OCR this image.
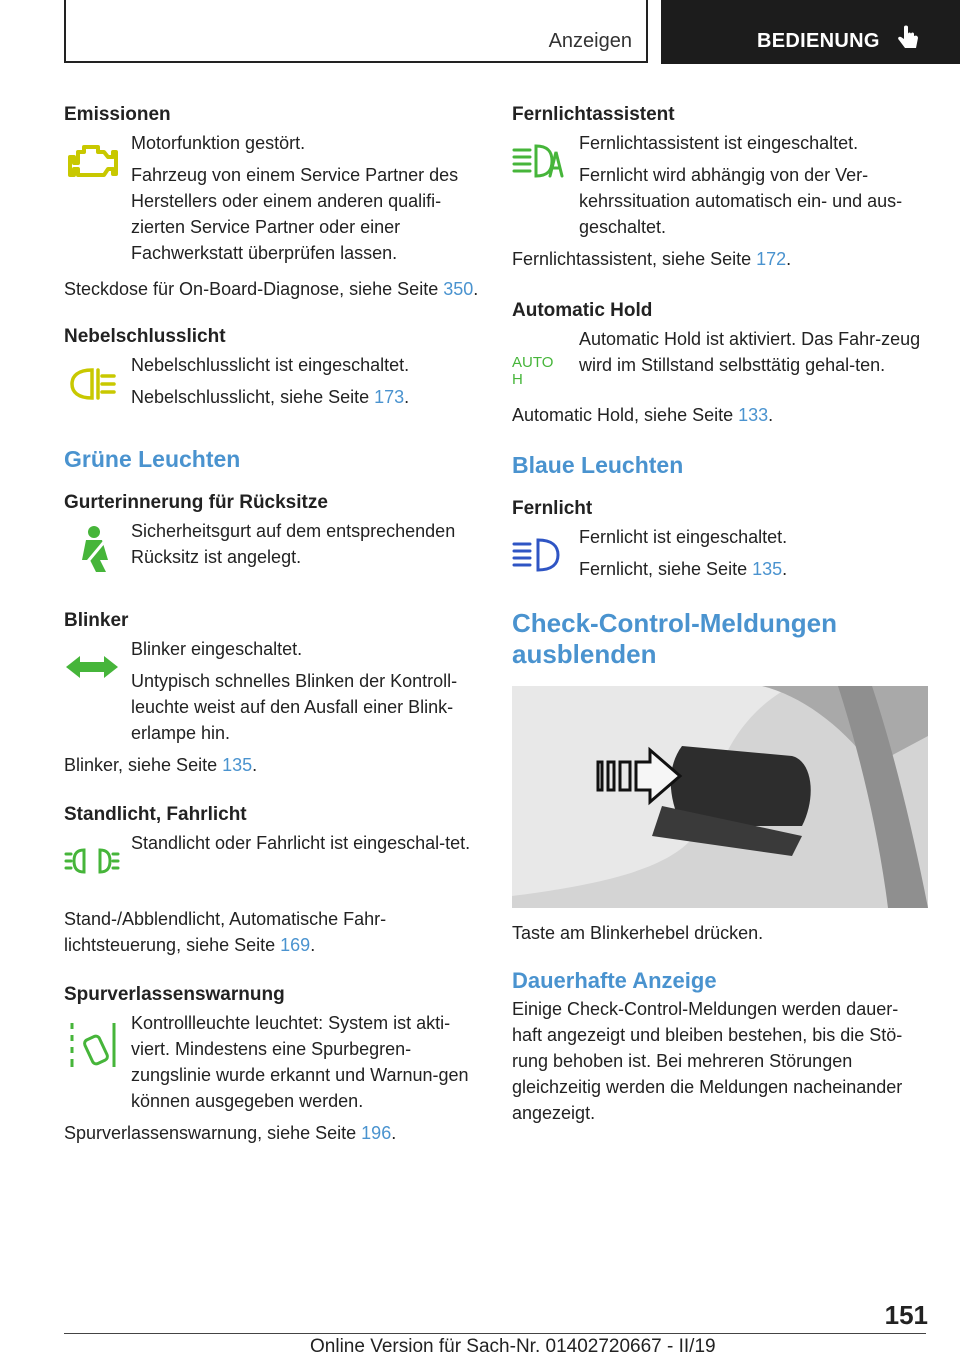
Anzeigen	BEDIENUNG
Emissionen

Motorfunktion gestört.

Fahrzeug von einem Service Partner des Herstellers oder einem anderen qualifi-zierten Service Partner oder einer Fachwerkstatt überprüfen lassen.

Steckdose für On-Board-Diagnose, siehe Seite 350.

Nebelschlusslicht

Nebelschlusslicht ist eingeschaltet.

Nebelschlusslicht, siehe Seite 173.

Grüne Leuchten
Gurterinnerung für Rücksitze

Sicherheitsgurt auf dem entsprechenden Rücksitz ist angelegt.

Blinker

Blinker eingeschaltet.

Untypisch schnelles Blinken der Kontroll-leuchte weist auf den Ausfall einer Blink-erlampe hin.

Blinker, siehe Seite 135.

Standlicht, Fahrlicht

Standlicht oder Fahrlicht ist eingeschal-tet.

Stand-/Abblendlicht, Automatische Fahr-lichtsteuerung, siehe Seite 169.

Spurverlassenswarnung

Kontrollleuchte leuchtet: System ist akti-viert. Mindestens eine Spurbegren-zungslinie wurde erkannt und Warnun-gen können ausgegeben werden.

Spurverlassenswarnung, siehe Seite 196.

Fernlichtassistent

Fernlichtassistent ist eingeschaltet.

Fernlicht wird abhängig von der Ver-kehrssituation automatisch ein- und aus-geschaltet.

Fernlichtassistent, siehe Seite 172.

Automatic Hold
AUTO H

Automatic Hold ist aktiviert. Das Fahr-zeug wird im Stillstand selbsttätig gehal-ten.

Automatic Hold, siehe Seite 133.

Blaue Leuchten
Fernlicht

Fernlicht ist eingeschaltet.

Fernlicht, siehe Seite 135.

Check-Control-Meldungen ausblenden

Taste am Blinkerhebel drücken.

Dauerhafte Anzeige

Einige Check-Control-Meldungen werden dauer-haft angezeigt und bleiben bestehen, bis die Stö-rung behoben ist. Bei mehreren Störungen gleichzeitig werden die Meldungen nacheinander angezeigt.

151
Online Version für Sach-Nr. 01402720667 - II/19
